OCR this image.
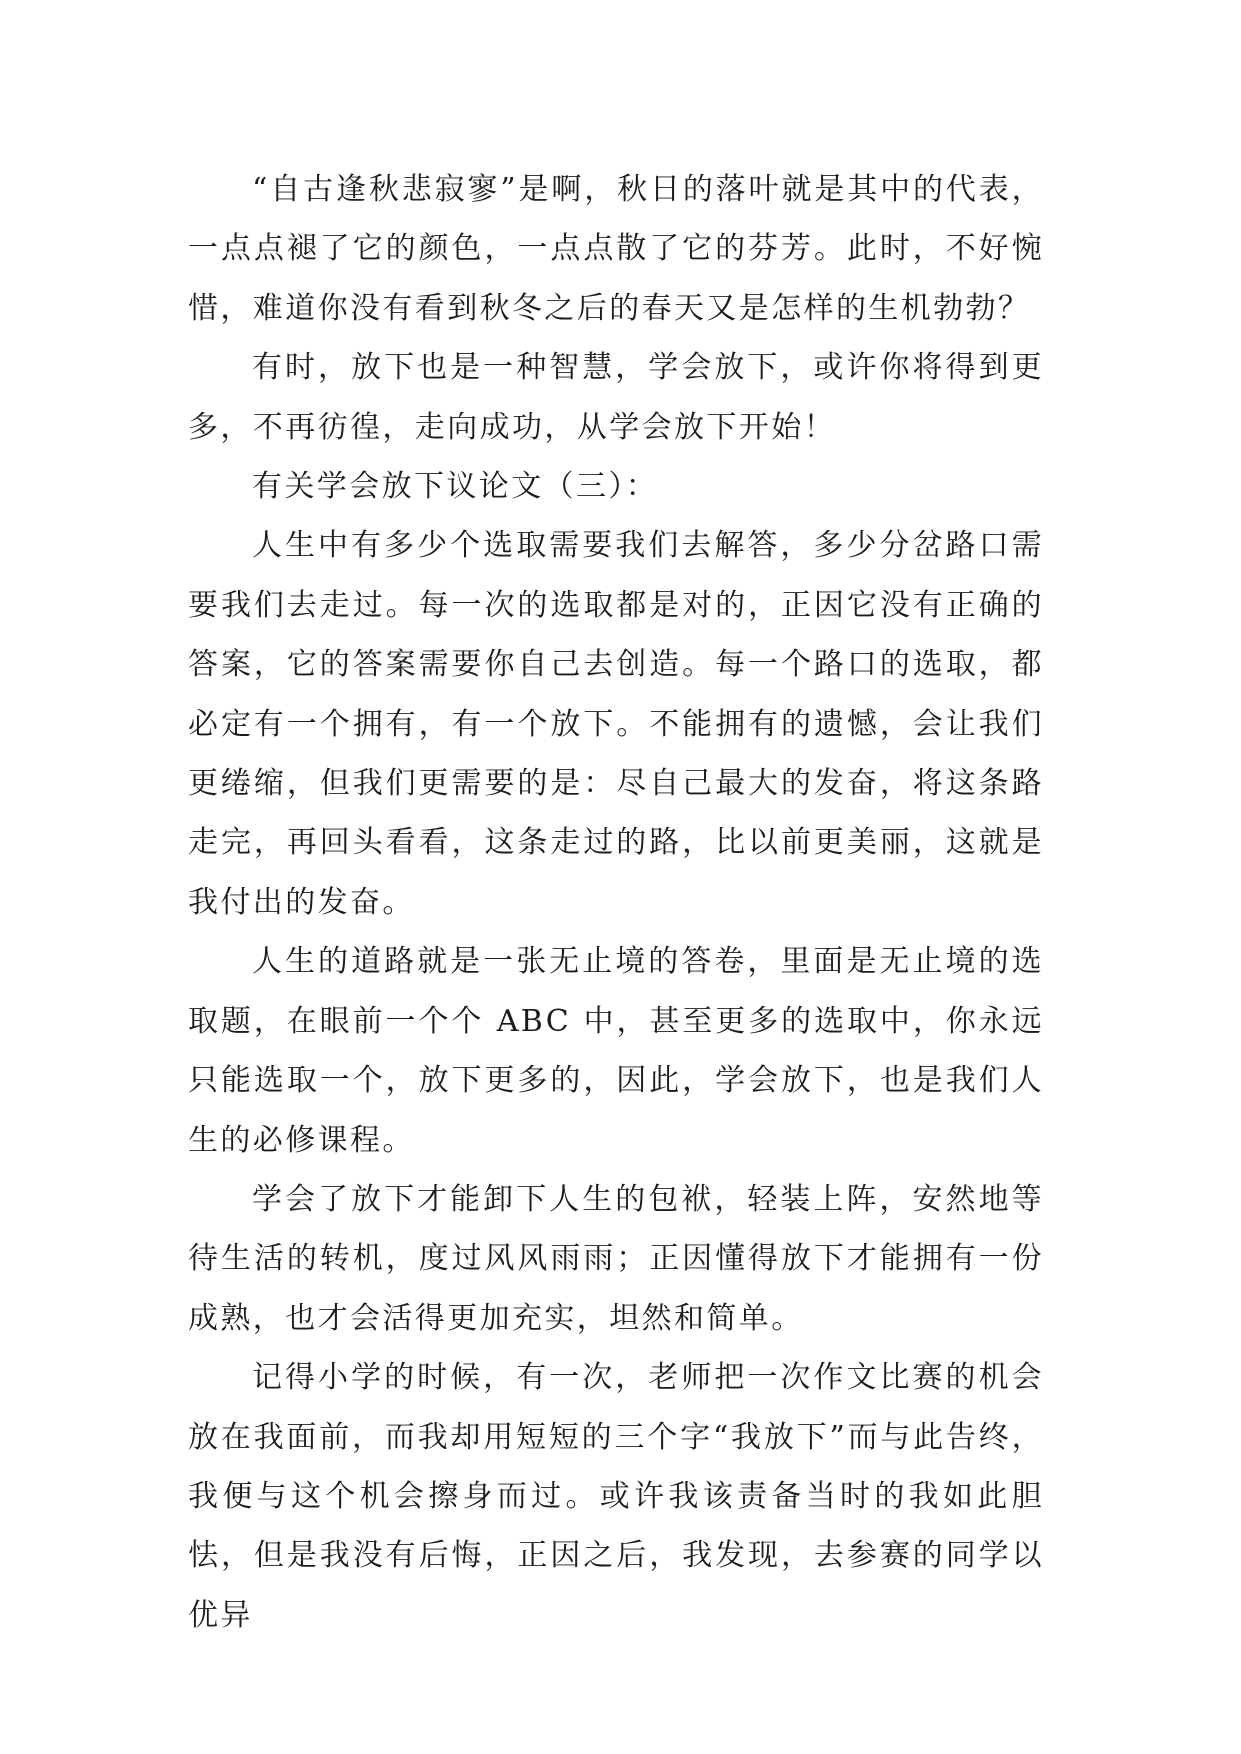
“自古逢秋悲寂寥”是啊，秋日的落叶就是其中的代表，一点点褪了它的颜色，一点点散了它的芬芳。此时，不好惋惜，难道你没有看到秋冬之后的春天又是怎样的生机勃勃？

有时，放下也是一种智慧，学会放下，或许你将得到更多，不再彷徨，走向成功，从学会放下开始！

有关学会放下议论文（三）：

人生中有多少个选取需要我们去解答，多少分岔路口需要我们去走过。每一次的选取都是对的，正因它没有正确的答案，它的答案需要你自己去创造。每一个路口的选取，都必定有一个拥有，有一个放下。不能拥有的遗憾，会让我们更绻缩，但我们更需要的是：尽自己最大的发奋，将这条路走完，再回头看看，这条走过的路，比以前更美丽，这就是我付出的发奋。

人生的道路就是一张无止境的答卷，里面是无止境的选取题，在眼前一个个 ABC 中，甚至更多的选取中，你永远只能选取一个，放下更多的，因此，学会放下，也是我们人生的必修课程。

学会了放下才能卸下人生的包袱，轻装上阵，安然地等待生活的转机，度过风风雨雨；正因懂得放下才能拥有一份成熟，也才会活得更加充实，坦然和简单。

记得小学的时候，有一次，老师把一次作文比赛的机会放在我面前，而我却用短短的三个字“我放下”而与此告终，我便与这个机会擦身而过。或许我该责备当时的我如此胆怯，但是我没有后悔，正因之后，我发现，去参赛的同学以优异
